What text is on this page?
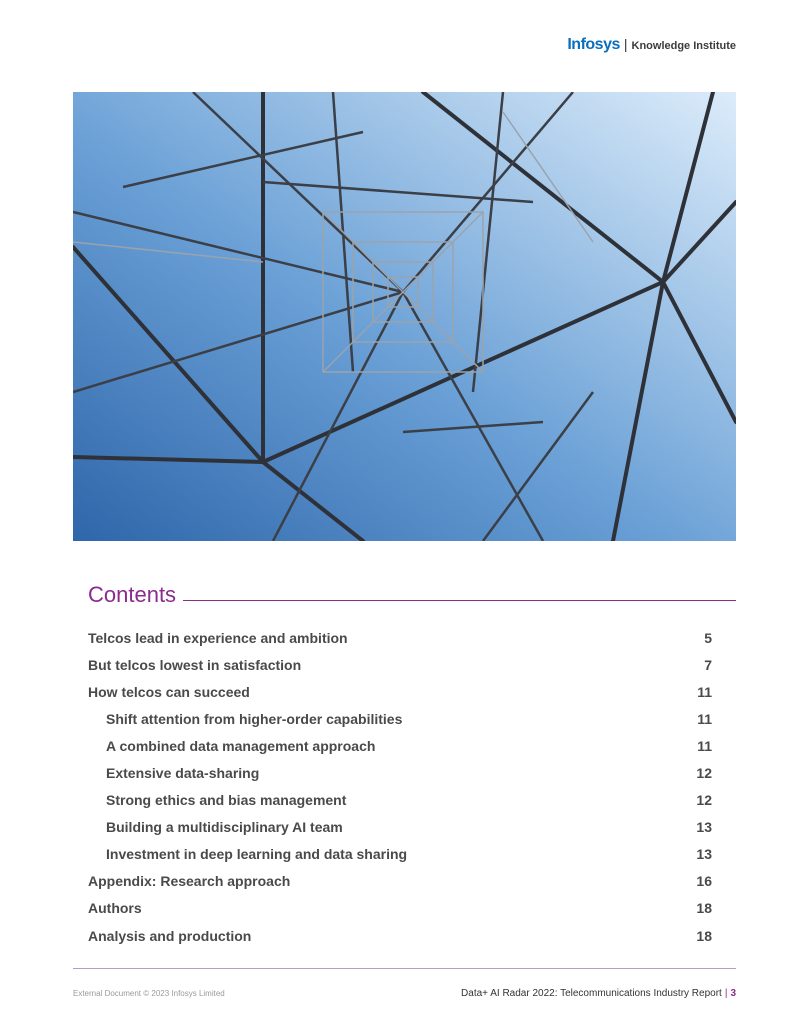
Infosys | Knowledge Institute
Contents
Telcos lead in experience and ambition	5
But telcos lowest in satisfaction	7
How telcos can succeed	11
Shift attention from higher-order capabilities	11
A combined data management approach	11
Extensive data-sharing	12
Strong ethics and bias management	12
Building a multidisciplinary AI team	13
Investment in deep learning and data sharing	13
Appendix: Research approach	16
Authors	18
Analysis and production	18
External Document © 2023 Infosys Limited	Data+ AI Radar 2022: Telecommunications Industry Report | 3
